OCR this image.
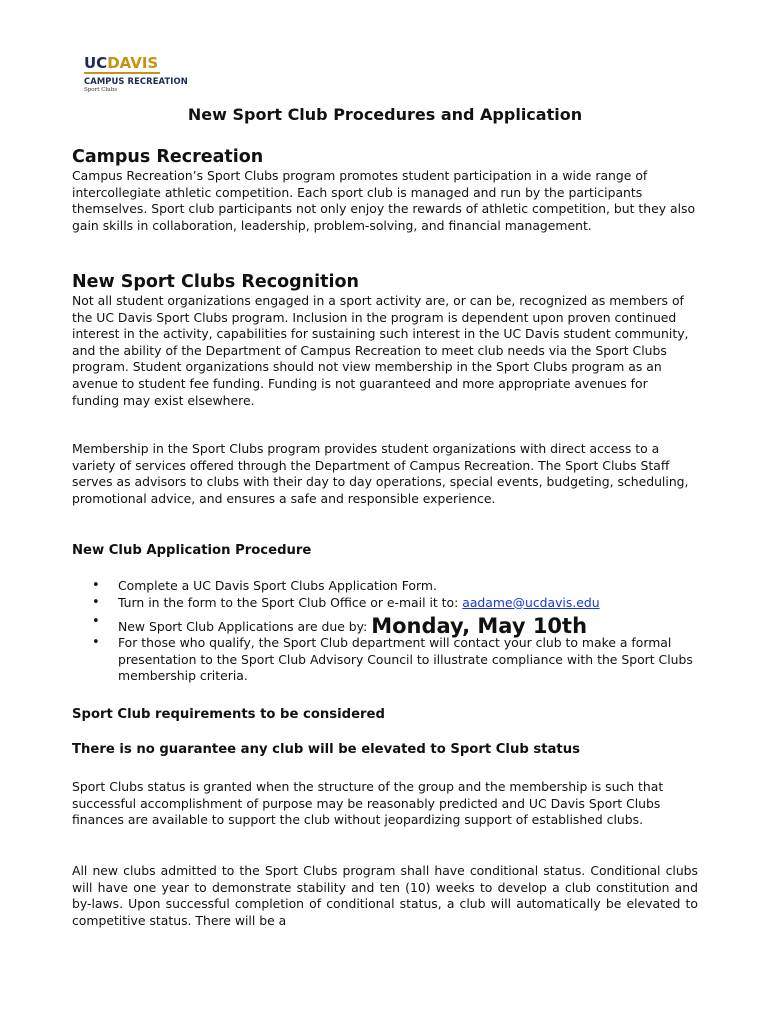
UCDAVIS
CAMPUS RECREATION
Sport Clubs
New Sport Club Procedures and Application
Campus Recreation

Campus Recreation’s Sport Clubs program promotes student participation in a wide range of intercollegiate athletic competition. Each sport club is managed and run by the participants themselves. Sport club participants not only enjoy the rewards of athletic competition, but they also gain skills in collaboration, leadership, problem-solving, and financial management.

New Sport Clubs Recognition

Not all student organizations engaged in a sport activity are, or can be, recognized as members of the UC Davis Sport Clubs program. Inclusion in the program is dependent upon proven continued interest in the activity, capabilities for sustaining such interest in the UC Davis student community, and the ability of the Department of Campus Recreation to meet club needs via the Sport Clubs program. Student organizations should not view membership in the Sport Clubs program as an avenue to student fee funding. Funding is not guaranteed and more appropriate avenues for funding may exist elsewhere.

Membership in the Sport Clubs program provides student organizations with direct access to a variety of services offered through the Department of Campus Recreation. The Sport Clubs Staff serves as advisors to clubs with their day to day operations, special events, budgeting, scheduling, promotional advice, and ensures a safe and responsible experience.

New Club Application Procedure
• Complete a UC Davis Sport Clubs Application Form.
• Turn in the form to the Sport Club Office or e-mail it to: aadame@ucdavis.edu
• New Sport Club Applications are due by: Monday, May 10th
• For those who qualify, the Sport Club department will contact your club to make a formal presentation to the Sport Club Advisory Council to illustrate compliance with the Sport Clubs membership criteria.
Sport Club requirements to be considered
There is no guarantee any club will be elevated to Sport Club status

Sport Clubs status is granted when the structure of the group and the membership is such that successful accomplishment of purpose may be reasonably predicted and UC Davis Sport Clubs finances are available to support the club without jeopardizing support of established clubs.

All new clubs admitted to the Sport Clubs program shall have conditional status. Conditional clubs will have one year to demonstrate stability and ten (10) weeks to develop a club constitution and by-laws. Upon successful completion of conditional status, a club will automatically be elevated to competitive status. There will be a
